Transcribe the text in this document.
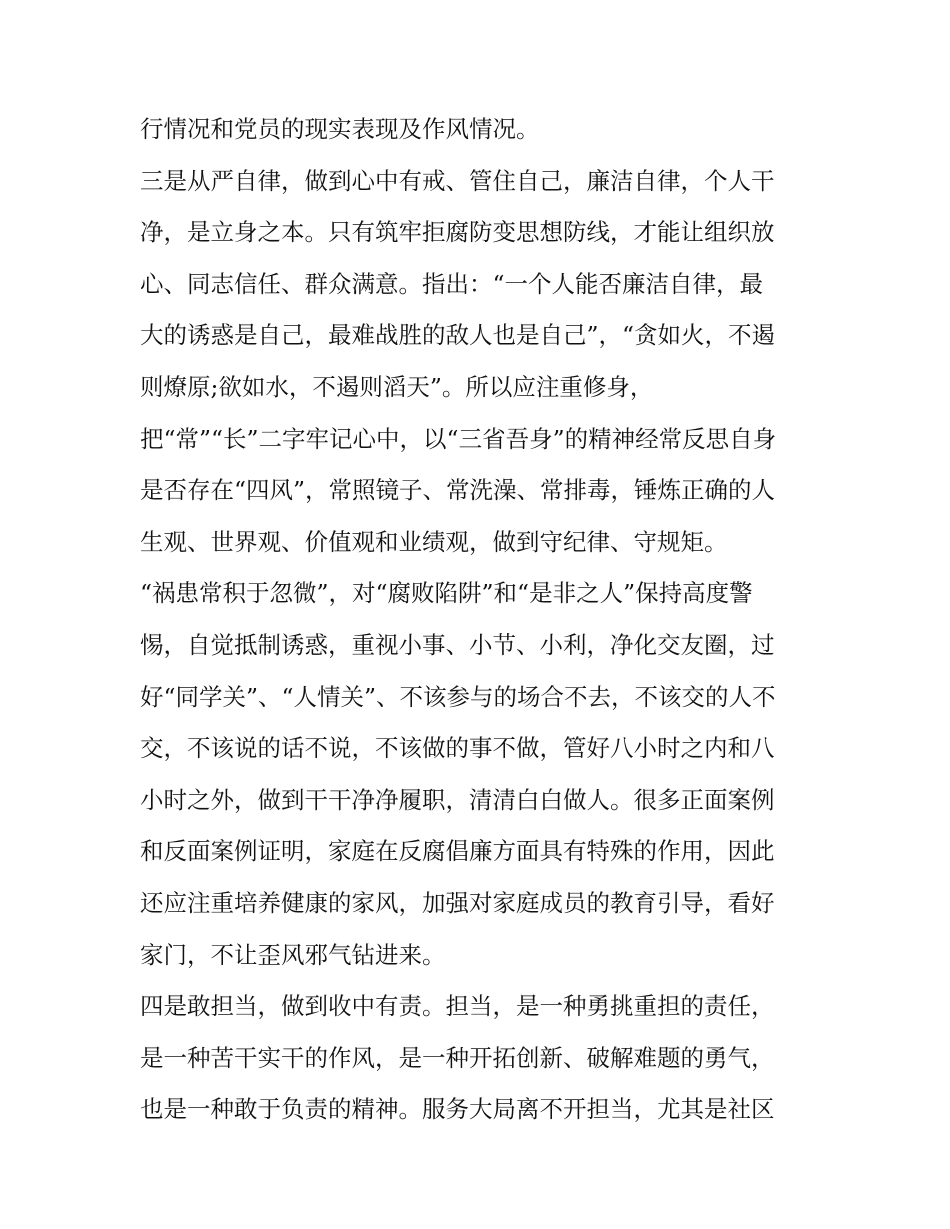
行情况和党员的现实表现及作风情况。
三是从严自律，做到心中有戒、管住自己，廉洁自律，个人干
净，是立身之本。只有筑牢拒腐防变思想防线，才能让组织放
心、同志信任、群众满意。指出：“一个人能否廉洁自律，最
大的诱惑是自己，最难战胜的敌人也是自己”，“贪如火，不遏
则燎原;欲如水，不遏则滔天”。所以应注重修身，
把“常”“长”二字牢记心中，以“三省吾身”的精神经常反思自身
是否存在“四风”，常照镜子、常洗澡、常排毒，锤炼正确的人
生观、世界观、价值观和业绩观，做到守纪律、守规矩。
“祸患常积于忽微”，对“腐败陷阱”和“是非之人”保持高度警
惕，自觉抵制诱惑，重视小事、小节、小利，净化交友圈，过
好“同学关”、“人情关”、不该参与的场合不去，不该交的人不
交，不该说的话不说，不该做的事不做，管好八小时之内和八
小时之外，做到干干净净履职，清清白白做人。很多正面案例
和反面案例证明，家庭在反腐倡廉方面具有特殊的作用，因此
还应注重培养健康的家风，加强对家庭成员的教育引导，看好
家门，不让歪风邪气钻进来。
四是敢担当，做到收中有责。担当，是一种勇挑重担的责任，
是一种苦干实干的作风，是一种开拓创新、破解难题的勇气，
也是一种敢于负责的精神。服务大局离不开担当，尤其是社区
